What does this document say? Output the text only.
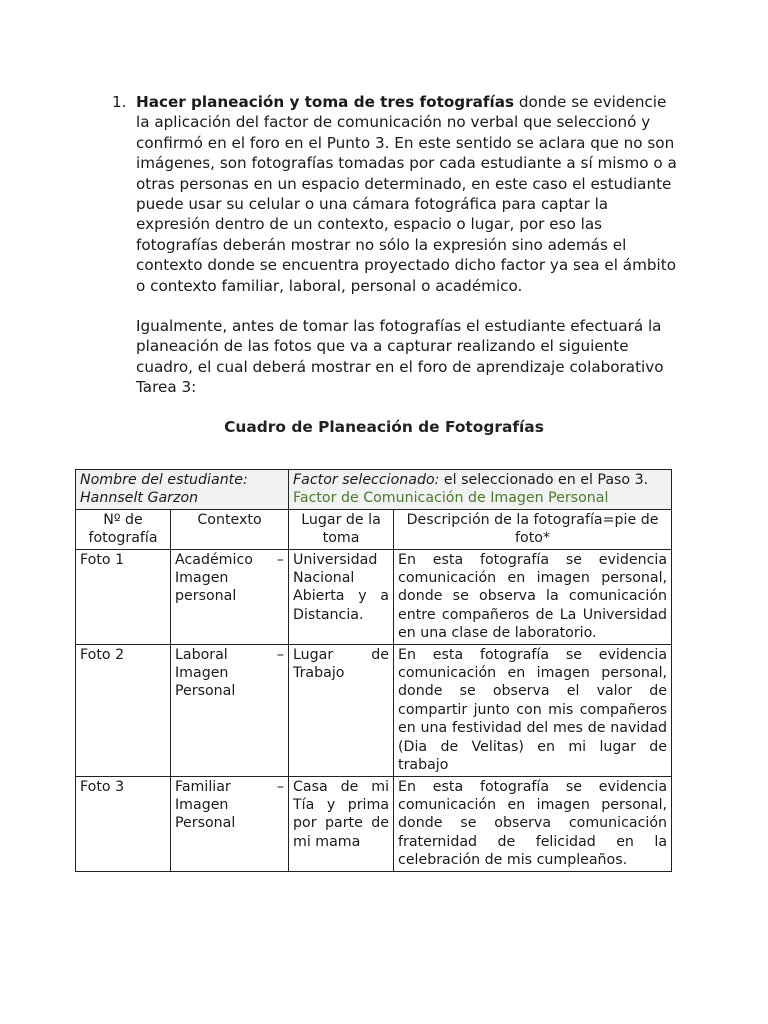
1. Hacer planeación y toma de tres fotografías donde se evidencie la aplicación del factor de comunicación no verbal que seleccionó y confirmó en el foro en el Punto 3. En este sentido se aclara que no son imágenes, son fotografías tomadas por cada estudiante a sí mismo o a otras personas en un espacio determinado, en este caso el estudiante puede usar su celular o una cámara fotográfica para captar la expresión dentro de un contexto, espacio o lugar, por eso las fotografías deberán mostrar no sólo la expresión sino además el contexto donde se encuentra proyectado dicho factor ya sea el ámbito o contexto familiar, laboral, personal o académico.

Igualmente, antes de tomar las fotografías el estudiante efectuará la planeación de las fotos que va a capturar realizando el siguiente cuadro, el cual deberá mostrar en el foro de aprendizaje colaborativo Tarea 3:

Cuadro de Planeación de Fotografías
Nombre del estudiante: Hannselt Garzon		Factor seleccionado: el seleccionado en el Paso 3.
Factor de Comunicación de Imagen Personal	
Nº de fotografía	Contexto	Lugar de la toma	Descripción de la fotografía=pie de foto*
Foto 1	Académico – Imagen personal	Universidad Nacional Abierta y a Distancia.	En esta fotografía se evidencia comunicación en imagen personal, donde se observa la comunicación entre compañeros de La Universidad en una clase de laboratorio.
Foto 2	Laboral – Imagen Personal	Lugar de Trabajo	En esta fotografía se evidencia comunicación en imagen personal, donde se observa el valor de compartir junto con mis compañeros en una festividad del mes de navidad (Dia de Velitas) en mi lugar de trabajo
Foto 3	Familiar – Imagen Personal	Casa de mi Tía y prima por parte de mi mama	En esta fotografía se evidencia comunicación en imagen personal, donde se observa comunicación fraternidad de felicidad en la celebración de mis cumpleaños.
